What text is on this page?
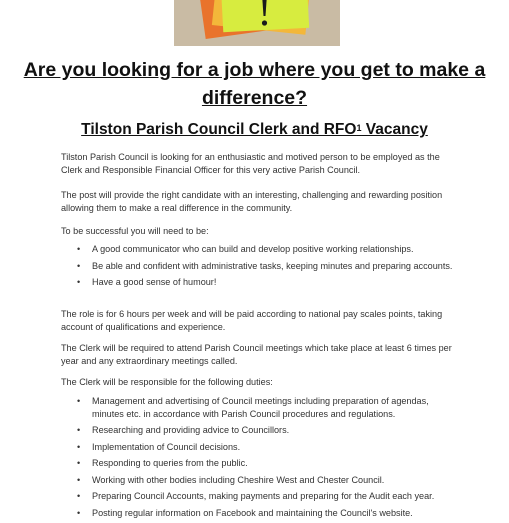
Are you looking for a job where you get to make a difference?
Tilston Parish Council Clerk and RFO$^1$ Vacancy

Tilston Parish Council is looking for an enthusiastic and motived person to be employed as the Clerk and Responsible Financial Officer for this very active Parish Council.

The post will provide the right candidate with an interesting, challenging and rewarding position allowing them to make a real difference in the community.

To be successful you will need to be:

• A good communicator who can build and develop positive working relationships.
• Be able and confident with administrative tasks, keeping minutes and preparing accounts.
• Have a good sense of humour!

The role is for 6 hours per week and will be paid according to national pay scales points, taking account of qualifications and experience.

The Clerk will be required to attend Parish Council meetings which take place at least 6 times per year and any extraordinary meetings called.

The Clerk will be responsible for the following duties:

• Management and advertising of Council meetings including preparation of agendas, minutes etc. in accordance with Parish Council procedures and regulations.
• Researching and providing advice to Councillors.
• Implementation of Council decisions.
• Responding to queries from the public.
• Working with other bodies including Cheshire West and Chester Council.
• Preparing Council Accounts, making payments and preparing for the Audit each year.
• Posting regular information on Facebook and maintaining the Council's website.
